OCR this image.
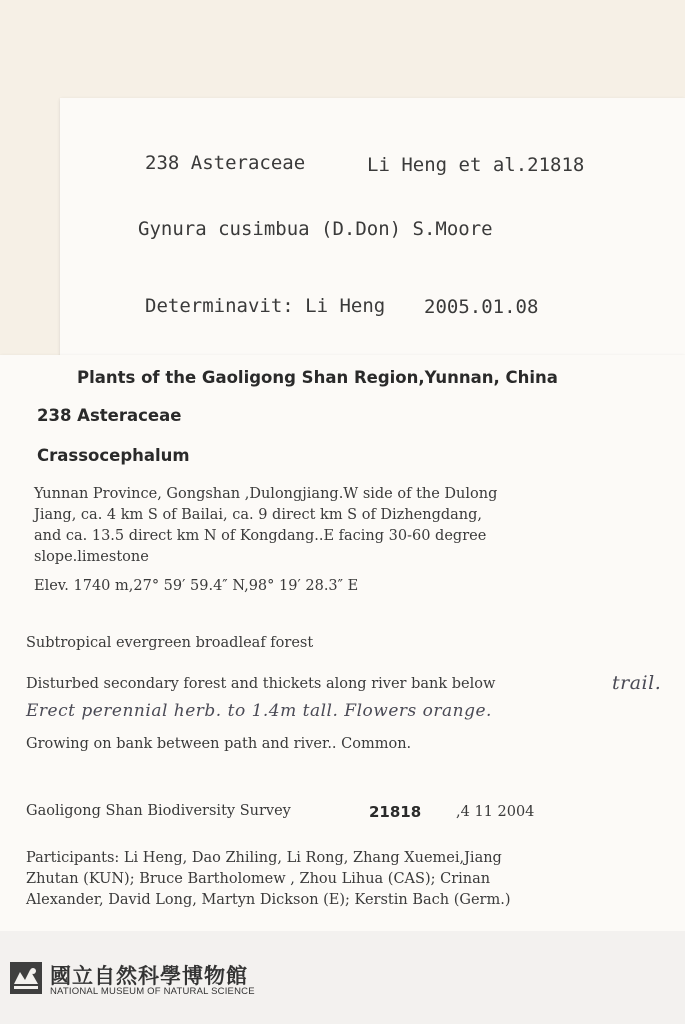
238 Asteraceae	Li Heng et al.21818
Gynura cusimbua (D.Don) S.Moore
Determinavit: Li Heng 2005.01.08
Plants of the Gaoligong Shan Region,Yunnan, China
238 Asteraceae
Crassocephalum
Yunnan Province, Gongshan ,Dulongjiang.W side of the Dulong
Jiang, ca. 4 km S of Bailai, ca. 9 direct km S of Dizhengdang,
and ca. 13.5 direct km N of Kongdang..E facing 30-60 degree
slope.limestone
Elev. 1740 m,27° 59′ 59.4″ N,98° 19′ 28.3″ E
Subtropical evergreen broadleaf forest
Disturbed secondary forest and thickets along river bank below	trail.
Erect perennial herb. to 1.4m tall. Flowers orange.
Growing on bank between path and river.. Common.
Gaoligong Shan Biodiversity Survey	21818 ,4 11 2004
Participants: Li Heng, Dao Zhiling, Li Rong, Zhang Xuemei,Jiang
Zhutan (KUN); Bruce Bartholomew , Zhou Lihua (CAS); Crinan
Alexander, David Long, Martyn Dickson (E); Kerstin Bach (Germ.)
國立自然科學博物館
NATIONAL MUSEUM OF NATURAL SCIENCE
